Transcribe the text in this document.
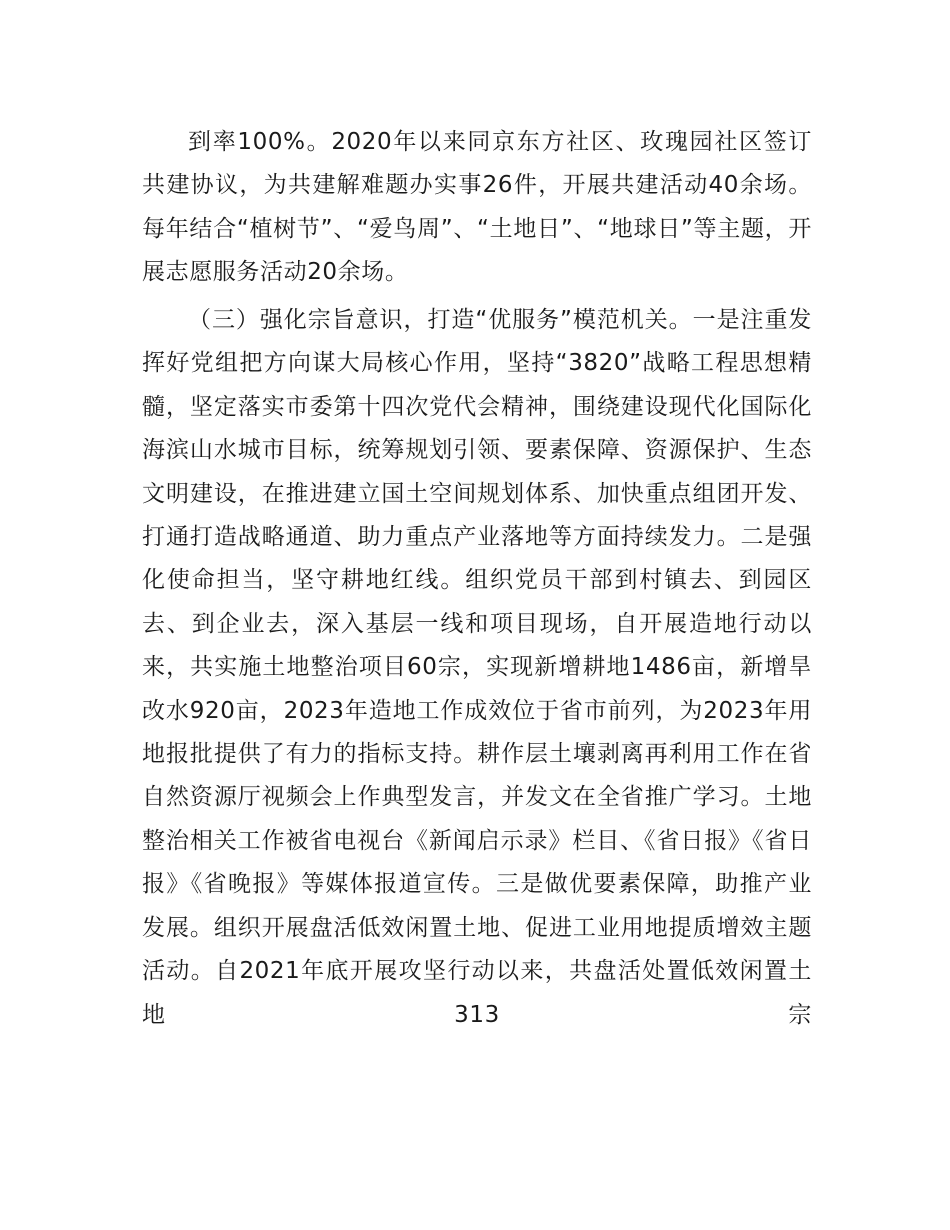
到率100%。2020年以来同京东方社区、玫瑰园社区签订共建协议，为共建解难题办实事26件，开展共建活动40余场。每年结合“植树节”、“爱鸟周”、“土地日”、“地球日”等主题，开展志愿服务活动20余场。

（三）强化宗旨意识，打造“优服务”模范机关。一是注重发挥好党组把方向谋大局核心作用，坚持“3820”战略工程思想精髓，坚定落实市委第十四次党代会精神，围绕建设现代化国际化海滨山水城市目标，统筹规划引领、要素保障、资源保护、生态文明建设，在推进建立国土空间规划体系、加快重点组团开发、打通打造战略通道、助力重点产业落地等方面持续发力。二是强化使命担当，坚守耕地红线。组织党员干部到村镇去、到园区去、到企业去，深入基层一线和项目现场，自开展造地行动以来，共实施土地整治项目60宗，实现新增耕地1486亩，新增旱改水920亩，2023年造地工作成效位于省市前列，为2023年用地报批提供了有力的指标支持。耕作层土壤剥离再利用工作在省自然资源厅视频会上作典型发言，并发文在全省推广学习。土地整治相关工作被省电视台《新闻启示录》栏目、《省日报》《省日报》《省晚报》等媒体报道宣传。三是做优要素保障，助推产业发展。组织开展盘活低效闲置土地、促进工业用地提质增效主题活动。自2021年底开展攻坚行动以来，共盘活处置低效闲置土地313宗
